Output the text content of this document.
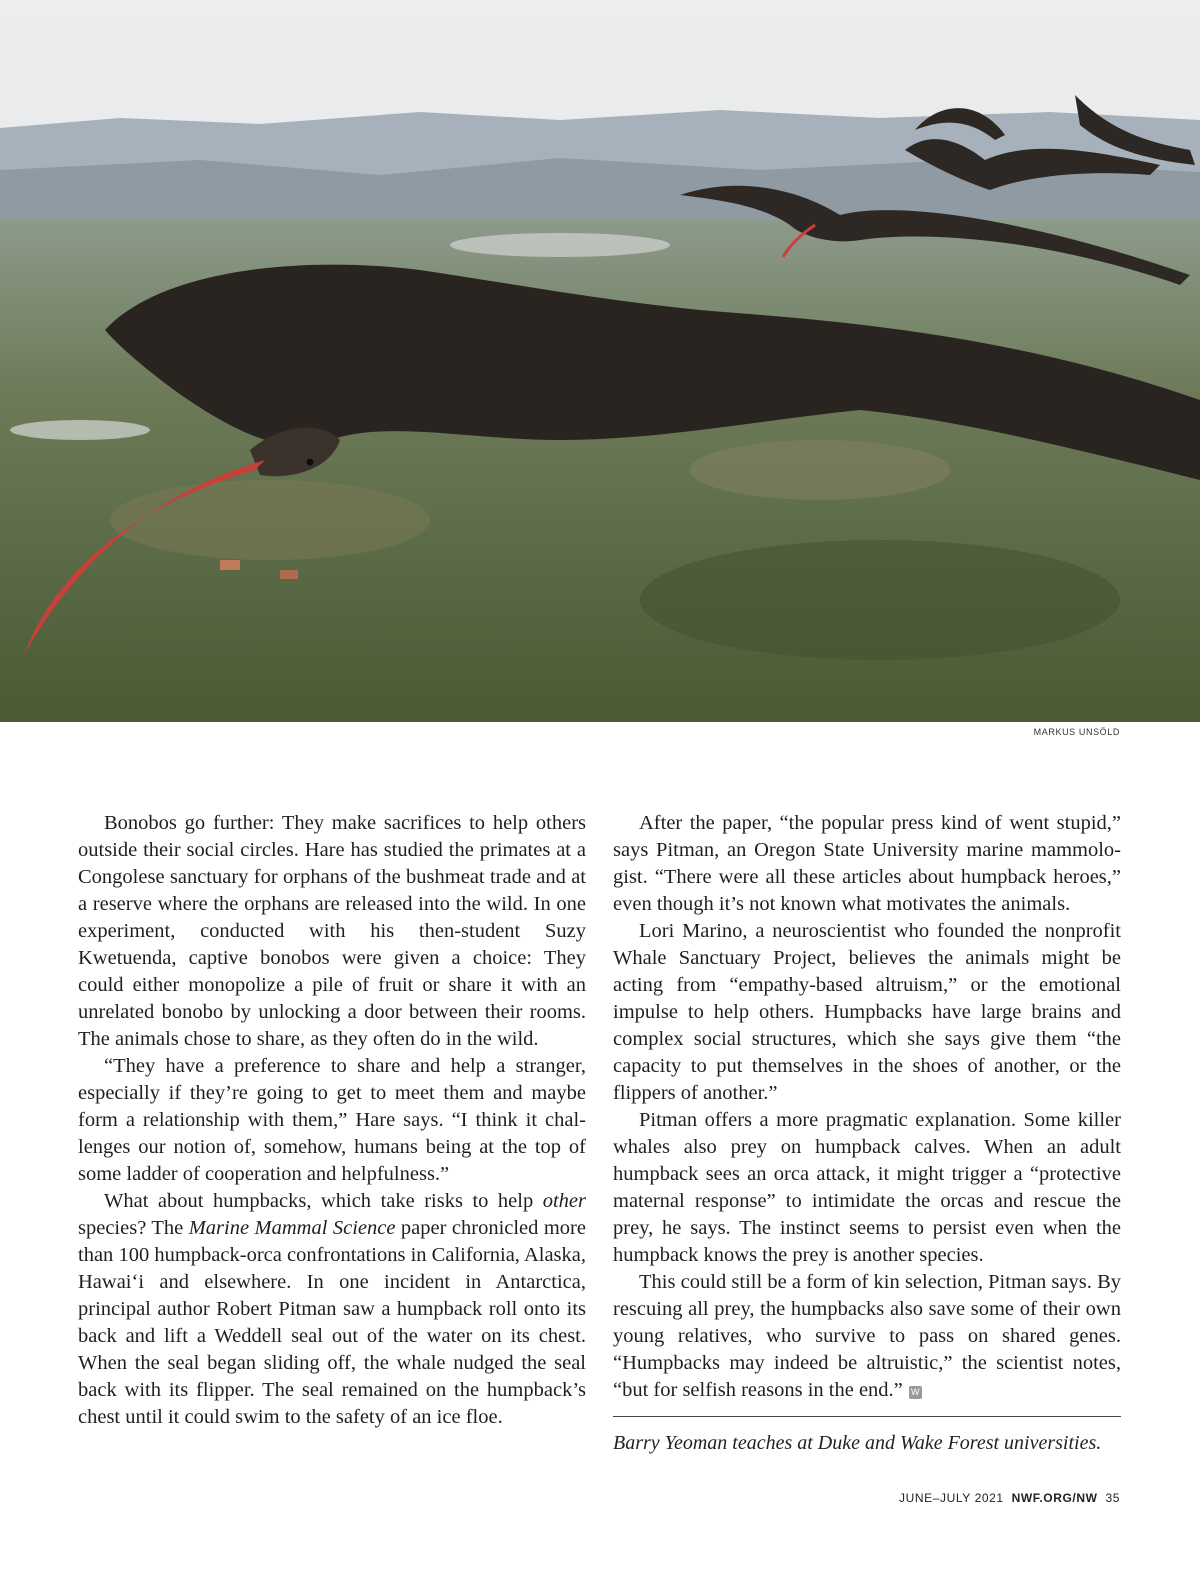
MARKUS UNSÖLD

Bonobos go further: They make sacrifices to help others outside their social circles. Hare has studied the primates at a Congolese sanctuary for orphans of the bushmeat trade and at a reserve where the orphans are released into the wild. In one experiment, conducted with his then-student Suzy Kwetuenda, captive bonobos were given a choice: They could either monopolize a pile of fruit or share it with an unrelated bonobo by unlocking a door between their rooms. The animals chose to share, as they often do in the wild.

“They have a preference to share and help a stranger, especially if they’re going to get to meet them and maybe form a relationship with them,” Hare says. “I think it challenges our notion of, somehow, humans being at the top of some ladder of cooperation and helpfulness.”

What about humpbacks, which take risks to help other species? The Marine Mammal Science paper chronicled more than 100 humpback-orca confrontations in California, Alaska, Hawai‘i and elsewhere. In one incident in Antarctica, principal author Robert Pitman saw a humpback roll onto its back and lift a Weddell seal out of the water on its chest. When the seal began sliding off, the whale nudged the seal back with its flipper. The seal remained on the humpback’s chest until it could swim to the safety of an ice floe.

After the paper, “the popular press kind of went stupid,” says Pitman, an Oregon State University marine mammologist. “There were all these articles about humpback heroes,” even though it’s not known what motivates the animals.

Lori Marino, a neuroscientist who founded the nonprofit Whale Sanctuary Project, believes the animals might be acting from “empathy-based altruism,” or the emotional impulse to help others. Humpbacks have large brains and complex social structures, which she says give them “the capacity to put themselves in the shoes of another, or the flippers of another.”

Pitman offers a more pragmatic explanation. Some killer whales also prey on humpback calves. When an adult humpback sees an orca attack, it might trigger a “protective maternal response” to intimidate the orcas and rescue the prey, he says. The instinct seems to persist even when the humpback knows the prey is another species.

This could still be a form of kin selection, Pitman says. By rescuing all prey, the humpbacks also save some of their own young relatives, who survive to pass on shared genes. “Humpbacks may indeed be altruistic,” the scientist notes, “but for selfish reasons in the end.” W

Barry Yeoman teaches at Duke and Wake Forest universities.
JUNE–JULY 2021 NWF.ORG/NW 35
